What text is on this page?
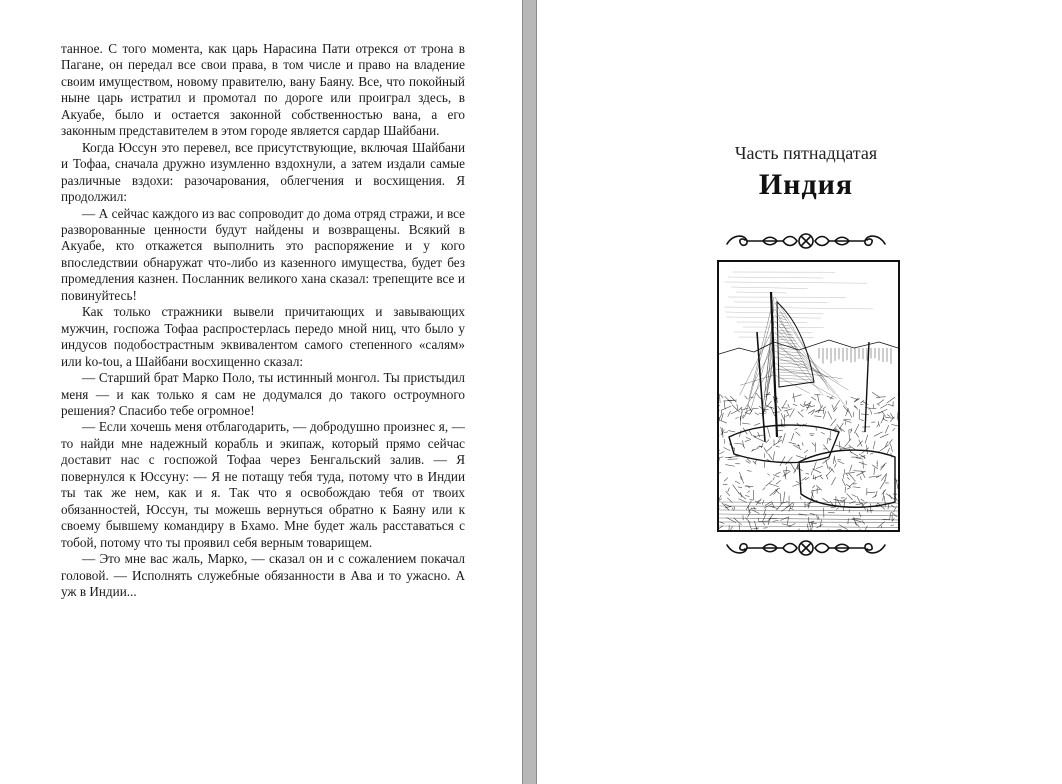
танное. С того момента, как царь Нарасина Пати отрекся от трона в Пагане, он передал все свои права, в том числе и право на владение своим имуществом, новому правителю, вану Баяну. Все, что покойный ныне царь истратил и промотал по дороге или проиграл здесь, в Акуабе, было и остается законной собственностью вана, а его законным представителем в этом городе является сардар Шайбани.

Когда Юссун это перевел, все присутствующие, включая Шайбани и Тофаа, сначала дружно изумленно вздохнули, а затем издали самые различные вздохи: разочарования, облегчения и восхищения. Я продолжил:

— А сейчас каждого из вас сопроводит до дома отряд стражи, и все разворованные ценности будут найдены и возвращены. Всякий в Акуабе, кто откажется выполнить это распоряжение и у кого впоследствии обнаружат что-либо из казенного имущества, будет без промедления казнен. Посланник великого хана сказал: трепещите все и повинуйтесь!

Как только стражники вывели причитающих и завывающих мужчин, госпожа Тофаа распростерлась передо мной ниц, что было у индусов подобострастным эквивалентом самого степенного «салям» или ko-tou, а Шайбани восхищенно сказал:

— Старший брат Марко Поло, ты истинный монгол. Ты пристыдил меня — и как только я сам не додумался до такого остроумного решения? Спасибо тебе огромное!

— Если хочешь меня отблагодарить, — добродушно произнес я, — то найди мне надежный корабль и экипаж, который прямо сейчас доставит нас с госпожой Тофаа через Бенгальский залив. — Я повернулся к Юссуну: — Я не потащу тебя туда, потому что в Индии ты так же нем, как и я. Так что я освобождаю тебя от твоих обязанностей, Юссун, ты можешь вернуться обратно к Баяну или к своему бывшему командиру в Бхамо. Мне будет жаль расставаться с тобой, потому что ты проявил себя верным товарищем.

— Это мне вас жаль, Марко, — сказал он и с сожалением покачал головой. — Исполнять служебные обязанности в Ава и то ужасно. А уж в Индии...

Часть пятнадцатая
Индия
